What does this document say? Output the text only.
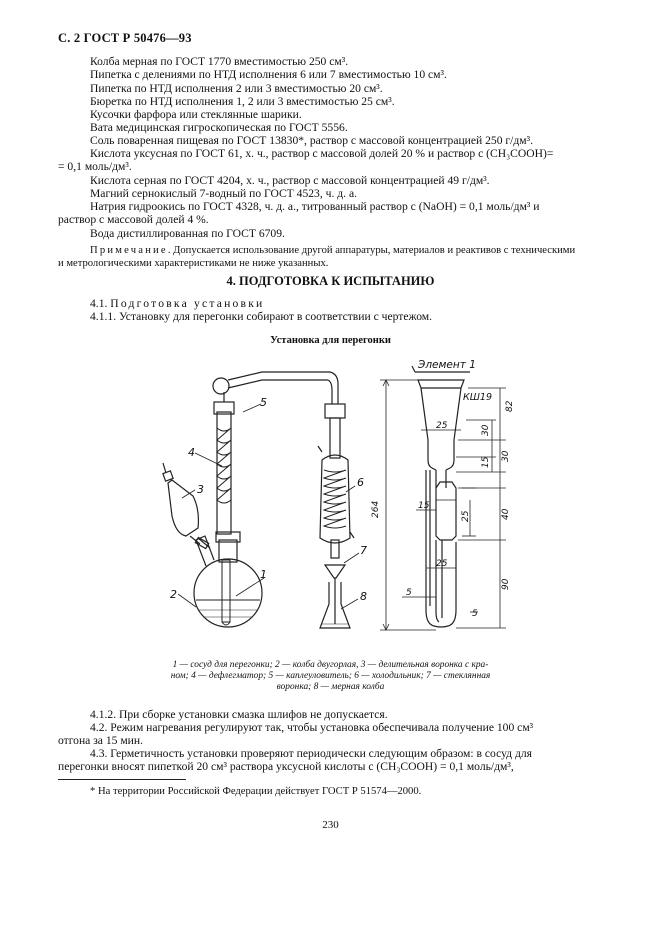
С. 2 ГОСТ Р 50476—93
Колба мерная по ГОСТ 1770 вместимостью 250 см³.
Пипетка с делениями по НТД исполнения 6 или 7 вместимостью 10 см³.
Пипетка по НТД исполнения 2 или 3 вместимостью 20 см³.
Бюретка по НТД исполнения 1, 2 или 3 вместимостью 25 см³.
Кусочки фарфора или стеклянные шарики.
Вата медицинская гигроскопическая по ГОСТ 5556.
Соль поваренная пищевая по ГОСТ 13830*, раствор с массовой концентрацией 250 г/дм³.
Кислота уксусная по ГОСТ 61, х. ч., раствор с массовой долей 20 % и раствор c (CH₃COOH)=
= 0,1 моль/дм³.
Кислота серная по ГОСТ 4204, х. ч., раствор с массовой концентрацией 49 г/дм³.
Магний сернокислый 7-водный по ГОСТ 4523, ч. д. а.
Натрия гидроокись по ГОСТ 4328, ч. д. а., титрованный раствор c (NaOH) = 0,1 моль/дм³ и
раствор с массовой долей 4 %.
Вода дистиллированная по ГОСТ 6709.
Примечание. Допускается использование другой аппаратуры, материалов и реактивов с техническими
и метрологическими характеристиками не ниже указанных.
4. ПОДГОТОВКА К ИСПЫТАНИЮ
4.1. Подготовка установки
4.1.1. Установку для перегонки собирают в соответствии с чертежом.
Установка для перегонки
1
2
3
4
5
6
7
8
Элемент 1
КШ19
25
15
5
25
5
264
82
30
15
30
25	40
90
1 — сосуд для перегонки; 2 — колба двугорлая, 3 — делительная воронка с кра-
ном; 4 — дефлегматор; 5 — каплеуловитель; 6 — холодильник; 7 — стеклянная
воронка; 8 — мерная колба
4.1.2. При сборке установки смазка шлифов не допускается.
4.2. Режим нагревания регулируют так, чтобы установка обеспечивала получение 100 см³
отгона за 15 мин.
4.3. Герметичность установки проверяют периодически следующим образом: в сосуд для
перегонки вносят пипеткой 20 см³ раствора уксусной кислоты c (CH₃COOH) = 0,1 моль/дм³,
* На территории Российской Федерации действует ГОСТ Р 51574—2000.
230
